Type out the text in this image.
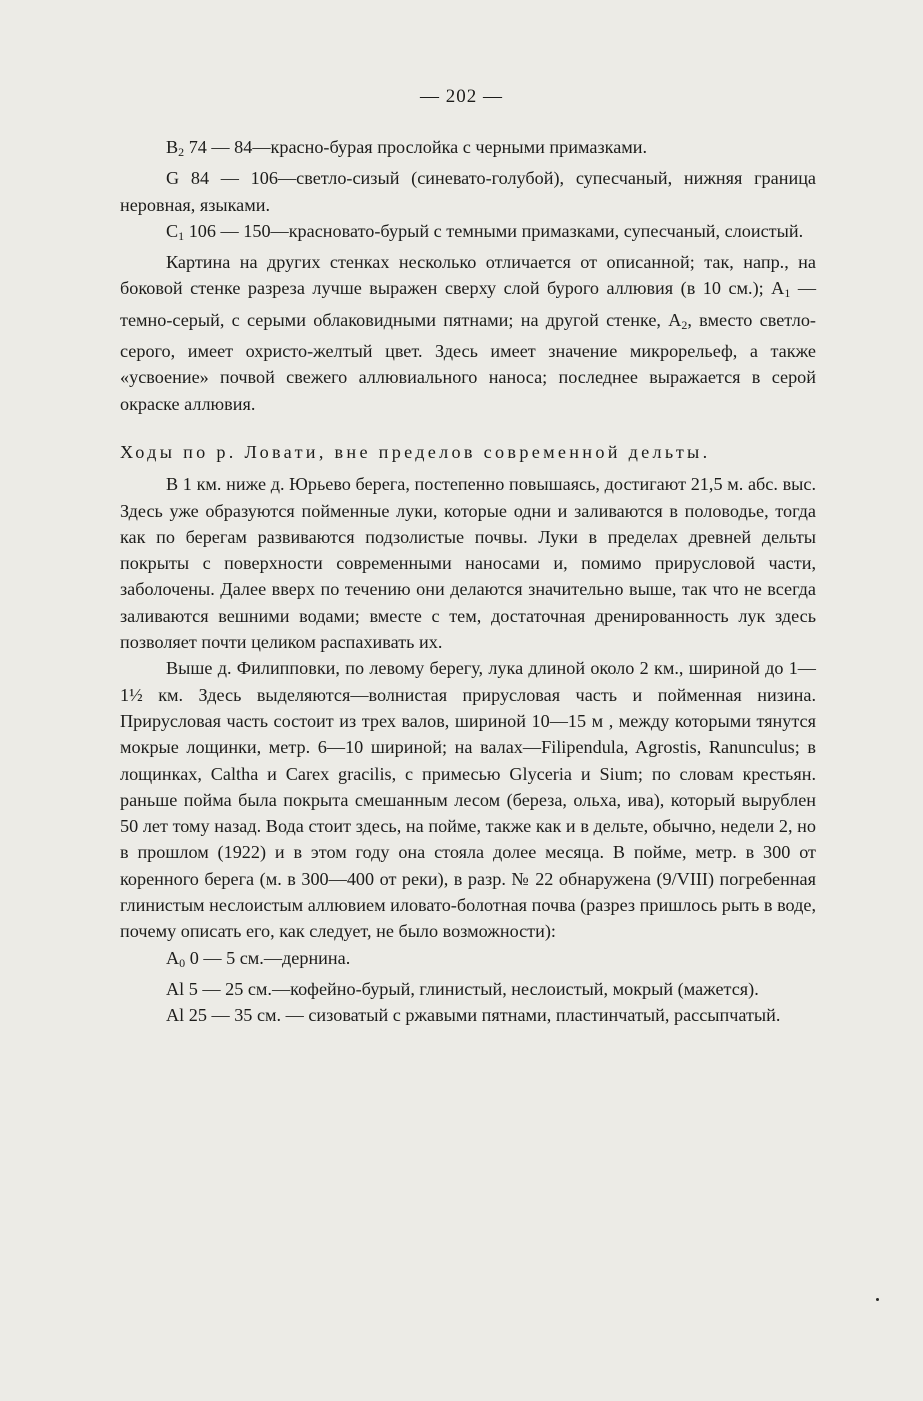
— 202 —

$B_2$ 74 — 84—красно-бурая прослойка с черными примазками.

G 84 — 106—светло-сизый (синевато-голубой), супесчаный, нижняя граница неровная, языками.

$C_1$ 106 — 150—красновато-бурый с темными примазками, супесчаный, слоистый.

Картина на других стенках несколько отличается от описанной; так, напр., на боковой стенке разреза лучше выражен сверху слой бурого аллювия (в 10 см.); $A_1$ — темно-серый, с серыми облаковидными пятнами; на другой стенке, $A_2$, вместо светло-серого, имеет охристо-желтый цвет. Здесь имеет значение микрорельеф, а также «усвоение» почвой свежего аллювиального наноса; последнее выражается в серой окраске аллювия.

Ходы по р. Ловати, вне пределов современной дельты.

В 1 км. ниже д. Юрьево берега, постепенно повышаясь, достигают 21,5 м. абс. выс. Здесь уже образуются пойменные луки, которые одни и заливаются в половодье, тогда как по берегам развиваются подзолистые почвы. Луки в пределах древней дельты покрыты с поверхности современными наносами и, помимо прирусловой части, заболочены. Далее вверх по течению они делаются значительно выше, так что не всегда заливаются вешними водами; вместе с тем, достаточная дренированность лук здесь позволяет почти целиком распахивать их.

Выше д. Филипповки, по левому берегу, лука длиной около 2 км., шириной до 1—1½ км. Здесь выделяются—волнистая прирусловая часть и пойменная низина. Прирусловая часть состоит из трех валов, шириной 10—15 м , между которыми тянутся мокрые лощинки, метр. 6—10 шириной; на валах—Filipendula, Agrostis, Ranunculus; в лощинках, Caltha и Carex gracilis, с примесью Glyceria и Sium; по словам крестьян. раньше пойма была покрыта смешанным лесом (береза, ольха, ива), который вырублен 50 лет тому назад. Вода стоит здесь, на пойме, также как и в дельте, обычно, недели 2, но в прошлом (1922) и в этом году она стояла долее месяца. В пойме, метр. в 300 от коренного берега (м. в 300—400 от реки), в разр. № 22 обнаружена (9/VIII) погребенная глинистым неслоистым аллювием иловато-болотная почва (разрез пришлось рыть в воде, почему описать его, как следует, не было возможности):

$A_0$ 0 — 5 см.—дернина.

Al 5 — 25 см.—кофейно-бурый, глинистый, неслоистый, мокрый (мажется).

Al 25 — 35 см. — сизоватый с ржавыми пятнами, пластинчатый, рассыпчатый.
